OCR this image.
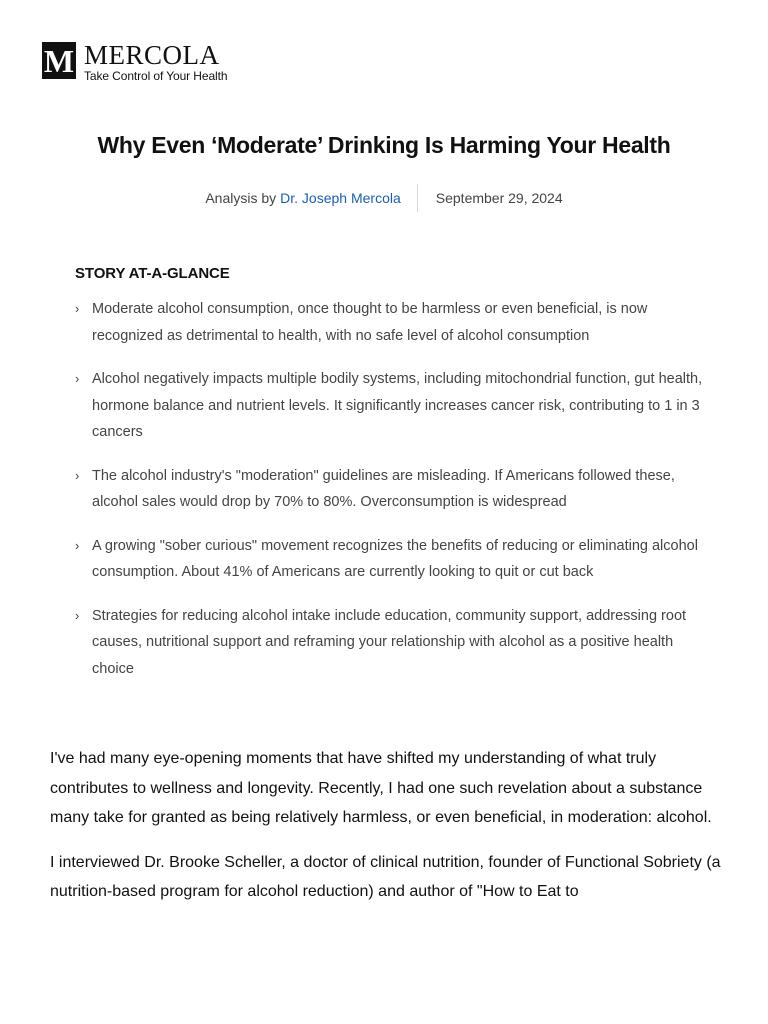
M MERCOLA
Take Control of Your Health
Why Even ‘Moderate’ Drinking Is Harming Your Health
Analysis by Dr. Joseph Mercola	September 29, 2024
STORY AT-A-GLANCE
› Moderate alcohol consumption, once thought to be harmless or even beneficial, is now recognized as detrimental to health, with no safe level of alcohol consumption
› Alcohol negatively impacts multiple bodily systems, including mitochondrial function, gut health, hormone balance and nutrient levels. It significantly increases cancer risk, contributing to 1 in 3 cancers
› The alcohol industry's "moderation" guidelines are misleading. If Americans followed these, alcohol sales would drop by 70% to 80%. Overconsumption is widespread
› A growing "sober curious" movement recognizes the benefits of reducing or eliminating alcohol consumption. About 41% of Americans are currently looking to quit or cut back
› Strategies for reducing alcohol intake include education, community support, addressing root causes, nutritional support and reframing your relationship with alcohol as a positive health choice

I've had many eye-opening moments that have shifted my understanding of what truly contributes to wellness and longevity. Recently, I had one such revelation about a substance many take for granted as being relatively harmless, or even beneficial, in moderation: alcohol.

I interviewed Dr. Brooke Scheller, a doctor of clinical nutrition, founder of Functional Sobriety (a nutrition-based program for alcohol reduction) and author of "How to Eat to
